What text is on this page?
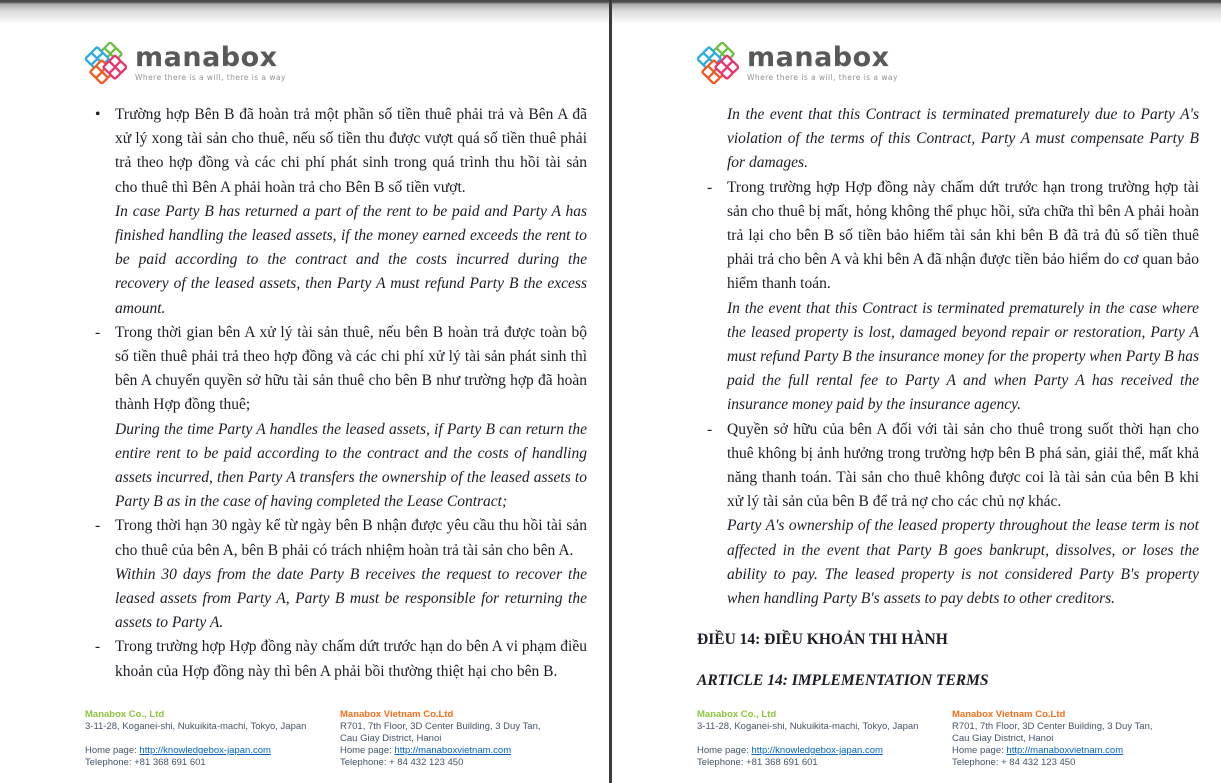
manabox
Where there is a will, there is a way
• Trường hợp Bên B đã hoàn trả một phần số tiền thuê phải trả và Bên A đã xử lý xong tài sản cho thuê, nếu số tiền thu được vượt quá số tiền thuê phải trả theo hợp đồng và các chi phí phát sinh trong quá trình thu hồi tài sản cho thuê thì Bên A phải hoàn trả cho Bên B số tiền vượt.
In case Party B has returned a part of the rent to be paid and Party A has finished handling the leased assets, if the money earned exceeds the rent to be paid according to the contract and the costs incurred during the recovery of the leased assets, then Party A must refund Party B the excess amount.
- Trong thời gian bên A xử lý tài sản thuê, nếu bên B hoàn trả được toàn bộ số tiền thuê phải trả theo hợp đồng và các chi phí xử lý tài sản phát sinh thì bên A chuyển quyền sở hữu tài sản thuê cho bên B như trường hợp đã hoàn thành Hợp đồng thuê;
During the time Party A handles the leased assets, if Party B can return the entire rent to be paid according to the contract and the costs of handling assets incurred, then Party A transfers the ownership of the leased assets to Party B as in the case of having completed the Lease Contract;
- Trong thời hạn 30 ngày kể từ ngày bên B nhận được yêu cầu thu hồi tài sản cho thuê của bên A, bên B phải có trách nhiệm hoàn trả tài sản cho bên A.
Within 30 days from the date Party B receives the request to recover the leased assets from Party A, Party B must be responsible for returning the assets to Party A.
- Trong trường hợp Hợp đồng này chấm dứt trước hạn do bên A vi phạm điều khoản của Hợp đồng này thì bên A phải bồi thường thiệt hại cho bên B.
Manabox Co., Ltd
3-11-28, Koganei-shi, Nukuikita-machi, Tokyo, Japan
Home page: http://knowledgebox-japan.com
Telephone: +81 368 691 601
Manabox Vietnam Co.Ltd
R701, 7th Floor, 3D Center Building, 3 Duy Tan,
Cau Giay District, Hanoi
Home page: http://manaboxvietnam.com
Telephone: + 84 432 123 450
manabox
Where there is a will, there is a way
In the event that this Contract is terminated prematurely due to Party A's violation of the terms of this Contract, Party A must compensate Party B for damages.
- Trong trường hợp Hợp đồng này chấm dứt trước hạn trong trường hợp tài sản cho thuê bị mất, hỏng không thể phục hồi, sửa chữa thì bên A phải hoàn trả lại cho bên B số tiền bảo hiểm tài sản khi bên B đã trả đủ số tiền thuê phải trả cho bên A và khi bên A đã nhận được tiền bảo hiểm do cơ quan bảo hiểm thanh toán.
In the event that this Contract is terminated prematurely in the case where the leased property is lost, damaged beyond repair or restoration, Party A must refund Party B the insurance money for the property when Party B has paid the full rental fee to Party A and when Party A has received the insurance money paid by the insurance agency.
- Quyền sở hữu của bên A đối với tài sản cho thuê trong suốt thời hạn cho thuê không bị ảnh hưởng trong trường hợp bên B phá sản, giải thể, mất khả năng thanh toán. Tài sản cho thuê không được coi là tài sản của bên B khi xử lý tài sản của bên B để trả nợ cho các chủ nợ khác.
Party A's ownership of the leased property throughout the lease term is not affected in the event that Party B goes bankrupt, dissolves, or loses the ability to pay. The leased property is not considered Party B's property when handling Party B's assets to pay debts to other creditors.
ĐIỀU 14: ĐIỀU KHOẢN THI HÀNH
ARTICLE 14: IMPLEMENTATION TERMS
Manabox Co., Ltd
3-11-28, Koganei-shi, Nukuikita-machi, Tokyo, Japan
Home page: http://knowledgebox-japan.com
Telephone: +81 368 691 601
Manabox Vietnam Co.Ltd
R701, 7th Floor, 3D Center Building, 3 Duy Tan,
Cau Giay District, Hanoi
Home page: http://manaboxvietnam.com
Telephone: + 84 432 123 450
